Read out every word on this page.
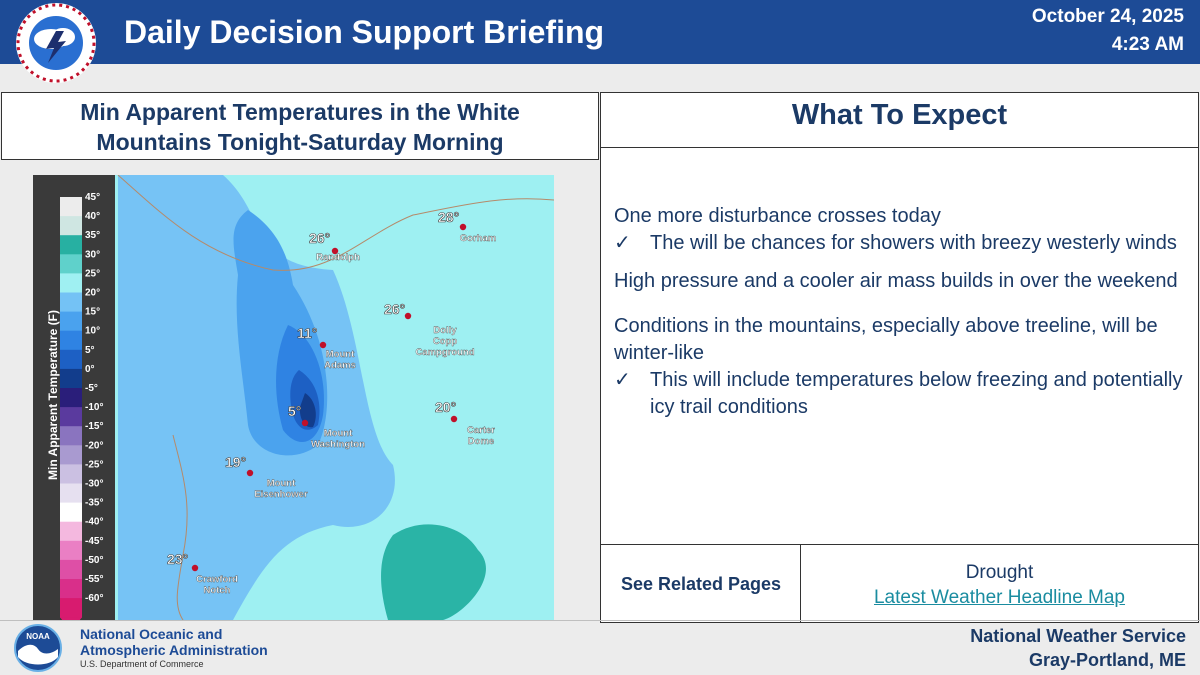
Daily Decision Support Briefing	October 24, 2025
4:23 AM
Min Apparent Temperatures in the White
Mountains Tonight-Saturday Morning
45°
40°
35°
30°
25°
20°
15°
10°
5°
0°
-5°
-10°
-15°
-20°
-25°
-30°
-35°
-40°
-45°
-50°
-55°
-60°
Min Apparent Temperature (F)
28°
Gorham
26°
Randolph
26°
Dolly
Copp
Campground
11°
Mount
Adams
5°
Mount
Washington
20°
Carter
Dome
19°
Mount
Eisenhower
23°
Crawford
Notch
What To Expect
One more disturbance crosses today
✓ The will be chances for showers with breezy westerly winds
High pressure and a cooler air mass builds in over the weekend
Conditions in the mountains, especially above treeline, will be winter-like
✓ This will include temperatures below freezing and potentially icy trail conditions
See Related Pages
Drought
Latest Weather Headline Map
NOAA National Oceanic and
Atmospheric Administration
U.S. Department of Commerce
National Weather Service
Gray-Portland, ME
